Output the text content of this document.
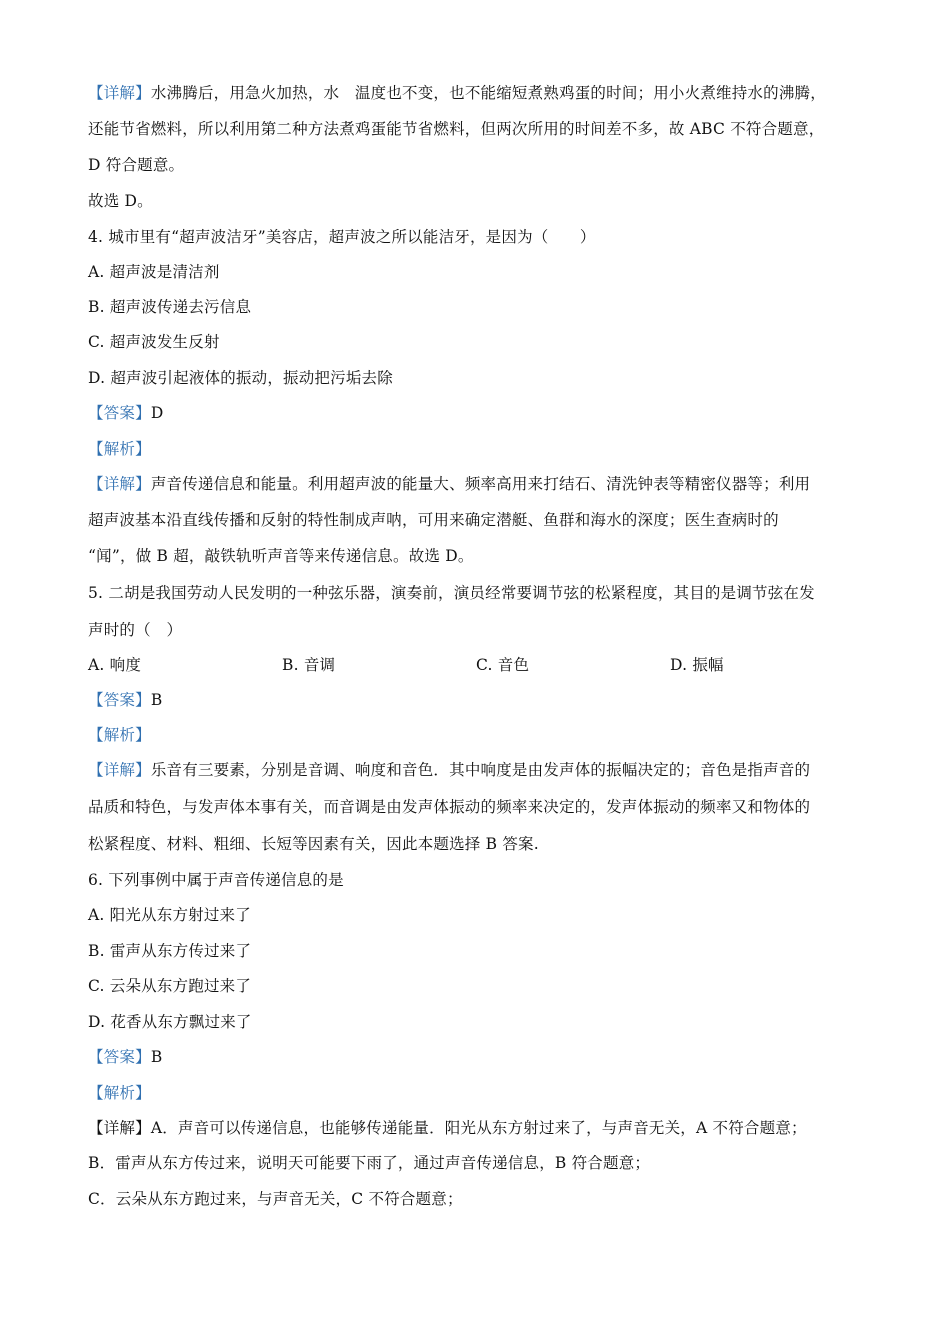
【详解】水沸腾后，用急火加热，水　温度也不变，也不能缩短煮熟鸡蛋的时间；用小火煮维持水的沸腾，
还能节省燃料，所以利用第二种方法煮鸡蛋能节省燃料，但两次所用的时间差不多，故 ABC 不符合题意，
D 符合题意。
故选 D。
4. 城市里有“超声波洁牙”美容店，超声波之所以能洁牙，是因为（　　）
A. 超声波是清洁剂
B. 超声波传递去污信息
C. 超声波发生反射
D. 超声波引起液体的振动，振动把污垢去除
【答案】D
【解析】
【详解】声音传递信息和能量。利用超声波的能量大、频率高用来打结石、清洗钟表等精密仪器等；利用
超声波基本沿直线传播和反射的特性制成声呐，可用来确定潜艇、鱼群和海水的深度；医生查病时的
“闻”，做 B 超，敲铁轨听声音等来传递信息。故选 D。
5. 二胡是我国劳动人民发明的一种弦乐器，演奏前，演员经常要调节弦的松紧程度，其目的是调节弦在发
声时的（　）
A. 响度	B. 音调	C. 音色	D. 振幅
【答案】B
【解析】
【详解】乐音有三要素，分别是音调、响度和音色．其中响度是由发声体的振幅决定的；音色是指声音的
品质和特色，与发声体本事有关，而音调是由发声体振动的频率来决定的，发声体振动的频率又和物体的
松紧程度、材料、粗细、长短等因素有关，因此本题选择 B 答案.
6. 下列事例中属于声音传递信息的是
A. 阳光从东方射过来了
B. 雷声从东方传过来了
C. 云朵从东方跑过来了
D. 花香从东方飘过来了
【答案】B
【解析】
【详解】A．声音可以传递信息，也能够传递能量．阳光从东方射过来了，与声音无关，A 不符合题意；
B．雷声从东方传过来，说明天可能要下雨了，通过声音传递信息，B 符合题意；
C．云朵从东方跑过来，与声音无关，C 不符合题意；
